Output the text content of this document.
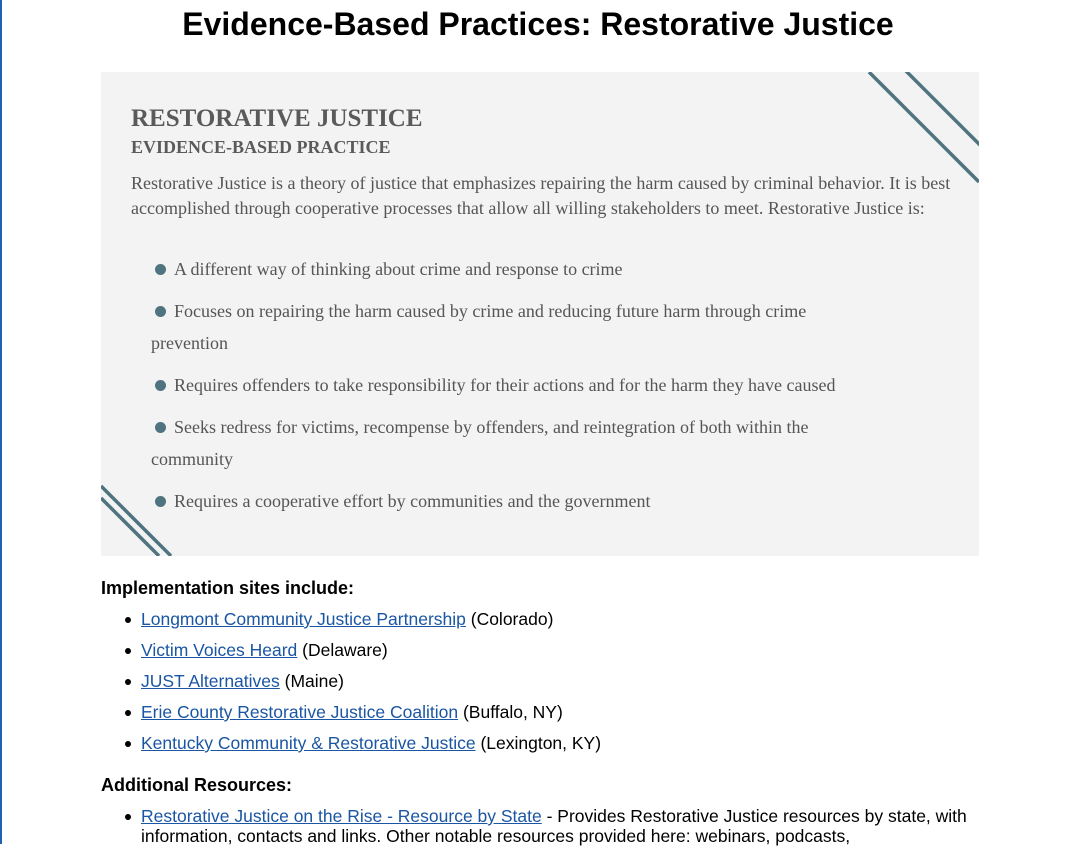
Evidence-Based Practices: Restorative Justice
RESTORATIVE JUSTICE
EVIDENCE-BASED PRACTICE

Restorative Justice is a theory of justice that emphasizes repairing the harm caused by criminal behavior. It is best accomplished through cooperative processes that allow all willing stakeholders to meet. Restorative Justice is:

A different way of thinking about crime and response to crime
Focuses on repairing the harm caused by crime and reducing future harm through crime
prevention
Requires offenders to take responsibility for their actions and for the harm they have caused
Seeks redress for victims, recompense by offenders, and reintegration of both within the
community
Requires a cooperative effort by communities and the government
Implementation sites include:
Longmont Community Justice Partnership (Colorado)
Victim Voices Heard (Delaware)
JUST Alternatives (Maine)
Erie County Restorative Justice Coalition (Buffalo, NY)
Kentucky Community & Restorative Justice (Lexington, KY)
Additional Resources:
Restorative Justice on the Rise - Resource by State - Provides Restorative Justice resources by state, with information, contacts and links. Other notable resources provided here: webinars, podcasts,
